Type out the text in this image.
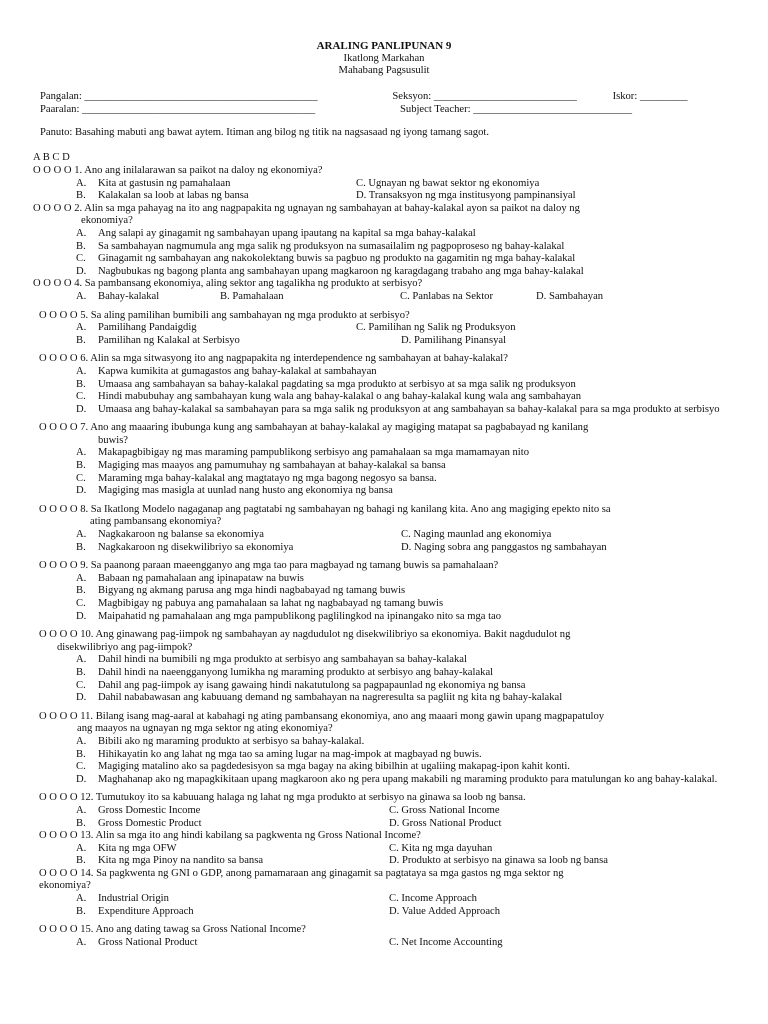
ARALING PANLIPUNAN 9
Ikatlong Markahan
Mahabang Pagsusulit
Pangalan: ____________________________________________	Seksyon: ___________________________	Iskor: _________
Paaralan: ____________________________________________	Subject Teacher: ______________________________
Panuto: Basahing mabuti ang bawat aytem. Itiman ang bilog ng titik na nagsasaad ng iyong tamang sagot.
A B C D
O O O O 1. Ano ang inilalarawan sa paikot na daloy ng ekonomiya?
A.	Kita at gastusin ng pamahalaan	C. Ugnayan ng bawat sektor ng ekonomiya
B.	Kalakalan sa loob at labas ng bansa	D. Transaksyon ng mga institusyong pampinansiyal
O O O O 2. Alin sa mga pahayag na ito ang nagpapakita ng ugnayan ng sambahayan at bahay-kalakal ayon sa paikot na daloy ng
ekonomiya?
A.	Ang salapi ay ginagamit ng sambahayan upang ipautang na kapital sa mga bahay-kalakal
B.	Sa sambahayan nagmumula ang mga salik ng produksyon na sumasailalim ng pagpoproseso ng bahay-kalakal
C.	Ginagamit ng sambahayan ang nakokolektang buwis sa pagbuo ng produkto na gagamitin ng mga bahay-kalakal
D.	Nagbubukas ng bagong planta ang sambahayan upang magkaroon ng karagdagang trabaho ang mga bahay-kalakal
O O O O 4. Sa pambansang ekonomiya, aling sektor ang tagalikha ng produkto at serbisyo?
A.	Bahay-kalakal	B. Pamahalaan	C. Panlabas na Sektor	D. Sambahayan
O O O O 5. Sa aling pamilihan bumibili ang sambahayan ng mga produkto at serbisyo?
A.	Pamilihang Pandaigdig	C. Pamilihan ng Salik ng Produksyon
B.	Pamilihan ng Kalakal at Serbisyo	D. Pamilihang Pinansyal
O O O O 6. Alin sa mga sitwasyong ito ang nagpapakita ng interdependence ng sambahayan at bahay-kalakal?
A.	Kapwa kumikita at gumagastos ang bahay-kalakal at sambahayan
B.	Umaasa ang sambahayan sa bahay-kalakal pagdating sa mga produkto at serbisyo at sa mga salik ng produksyon
C.	Hindi mabubuhay ang sambahayan kung wala ang bahay-kalakal o ang bahay-kalakal kung wala ang sambahayan
D.	Umaasa ang bahay-kalakal sa sambahayan para sa mga salik ng produksyon at ang sambahayan sa bahay-kalakal para sa mga produkto at serbisyo
O O O O 7. Ano ang maaaring ibubunga kung ang sambahayan at bahay-kalakal ay magiging matapat sa pagbabayad ng kanilang
buwis?
A.	Makapagbibigay ng mas maraming pampublikong serbisyo ang pamahalaan sa mga mamamayan nito
B.	Magiging mas maayos ang pamumuhay ng sambahayan at bahay-kalakal sa bansa
C.	Maraming mga bahay-kalakal ang magtatayo ng mga bagong negosyo sa bansa.
D.	Magiging mas masigla at uunlad nang husto ang ekonomiya ng bansa
O O O O 8. Sa Ikatlong Modelo nagaganap ang pagtatabi ng sambahayan ng bahagi ng kanilang kita. Ano ang magiging epekto nito sa
ating pambansang ekonomiya?
A.	Nagkakaroon ng balanse sa ekonomiya	C. Naging maunlad ang ekonomiya
B.	Nagkakaroon ng disekwilibriyo sa ekonomiya	D. Naging sobra ang panggastos ng sambahayan
O O O O 9. Sa paanong paraan maeengganyo ang mga tao para magbayad ng tamang buwis sa pamahalaan?
A.	Babaan ng pamahalaan ang ipinapataw na buwis
B.	Bigyang ng akmang parusa ang mga hindi nagbabayad ng tamang buwis
C.	Magbibigay ng pabuya ang pamahalaan sa lahat ng nagbabayad ng tamang buwis
D.	Maipahatid ng pamahalaan ang mga pampublikong paglilingkod na ipinangako nito sa mga tao
O O O O 10. Ang ginawang pag-iimpok ng sambahayan ay nagdudulot ng disekwilibriyo sa ekonomiya. Bakit nagdudulot ng
disekwilibriyo ang pag-iimpok?
A.	Dahil hindi na bumibili ng mga produkto at serbisyo ang sambahayan sa bahay-kalakal
B.	Dahil hindi na naeengganyong lumikha ng maraming produkto at serbisyo ang bahay-kalakal
C.	Dahil ang pag-iimpok ay isang gawaing hindi nakatutulong sa pagpapaunlad ng ekonomiya ng bansa
D.	Dahil nababawasan ang kabuuang demand ng sambahayan na nagreresulta sa pagliit ng kita ng bahay-kalakal
O O O O 11. Bilang isang mag-aaral at kabahagi ng ating pambansang ekonomiya, ano ang maaari mong gawin upang magpapatuloy
ang maayos na ugnayan ng mga sektor ng ating ekonomiya?
A.	Bibili ako ng maraming produkto at serbisyo sa bahay-kalakal.
B.	Hihikayatin ko ang lahat ng mga tao sa aming lugar na mag-impok at magbayad ng buwis.
C.	Magiging matalino ako sa pagdedesisyon sa mga bagay na aking bibilhin at ugaliing makapag-ipon kahit konti.
D.	Maghahanap ako ng mapagkikitaan upang magkaroon ako ng pera upang makabili ng maraming produkto para matulungan ko ang bahay-kalakal.
O O O O 12. Tumutukoy ito sa kabuuang halaga ng lahat ng mga produkto at serbisyo na ginawa sa loob ng bansa.
A.	Gross Domestic Income	C. Gross National Income
B.	Gross Domestic Product	D. Gross National Product
O O O O 13. Alin sa mga ito ang hindi kabilang sa pagkwenta ng Gross National Income?
A.	Kita ng mga OFW	C. Kita ng mga dayuhan
B.	Kita ng mga Pinoy na nandito sa bansa	D. Produkto at serbisyo na ginawa sa loob ng bansa
O O O O 14. Sa pagkwenta ng GNI o GDP, anong pamamaraan ang ginagamit sa pagtataya sa mga gastos ng mga sektor ng
ekonomiya?
A.	Industrial Origin	C. Income Approach
B.	Expenditure Approach	D. Value Added Approach
O O O O 15. Ano ang dating tawag sa Gross National Income?
A.	Gross National Product	C. Net Income Accounting
